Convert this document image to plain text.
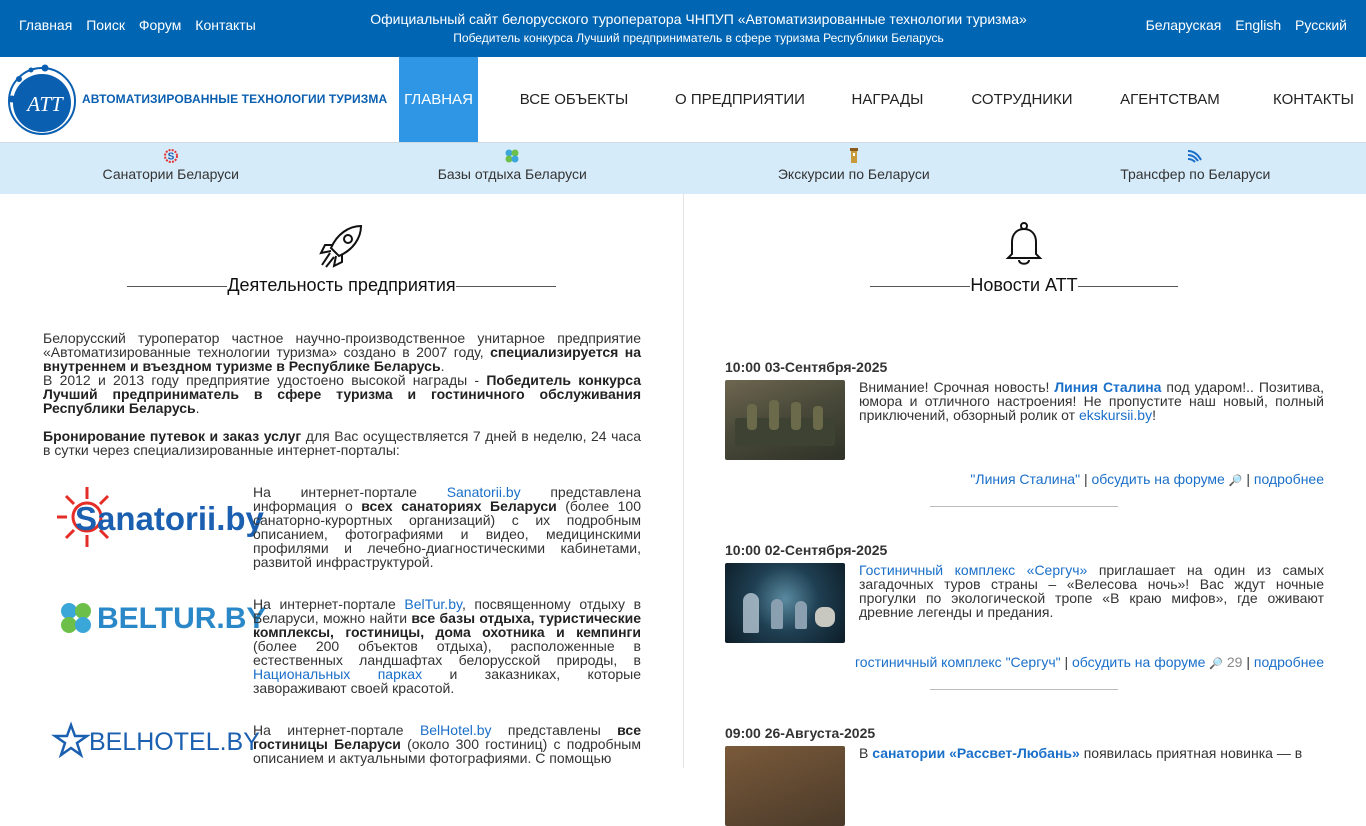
Главная Поиск Форум Контакты	Официальный сайт белорусского туроператора ЧНПУП «Автоматизированные технологии туризма»
Победитель конкурса Лучший предприниматель в сфере туризма Республики Беларусь
Беларуская English Русский
АТТ АВТОМАТИЗИРОВАННЫЕ ТЕХНОЛОГИИ ТУРИЗМА	ГЛАВНАЯ	ВСЕ ОБЪЕКТЫ	О ПРЕДПРИЯТИИ	НАГРАДЫ	СОТРУДНИКИ	АГЕНТСТВАМ	КОНТАКТЫ
S
Санатории Беларуси	Базы отдыха Беларуси	Экскурсии по Беларуси	Трансфер по Беларуси
Деятельность предприятия

Белорусский туроператор частное научно-производственное унитарное предприятие «Автоматизированные технологии туризма» создано в 2007 году, специализируется на внутреннем и въездном туризме в Республике Беларусь.

В 2012 и 2013 году предприятие удостоено высокой награды - Победитель конкурса Лучший предприниматель в сфере туризма и гостиничного обслуживания Республики Беларусь.

Бронирование путевок и заказ услуг для Вас осуществляется 7 дней в неделю, 24 часа в сутки через специализированные интернет-порталы:

Sanatorii.by
На интернет-портале Sanatorii.by представлена информация о всех санаториях Беларуси (более 100 санаторно-курортных организаций) с их подробным описанием, фотографиями и видео, медицинскими профилями и лечебно-диагностическими кабинетами, развитой инфраструктурой.
BELTUR.BY
На интернет-портале BelTur.by, посвященному отдыху в Беларуси, можно найти все базы отдыха, туристические комплексы, гостиницы, дома охотника и кемпинги (более 200 объектов отдыха), расположенные в естественных ландшафтах белорусской природы, в Национальных парках и заказниках, которые завораживают своей красотой.
BELHOTEL.BY
На интернет-портале BelHotel.by представлены все гостиницы Беларуси (около 300 гостиниц) с подробным описанием и актуальными фотографиями. С помощью
Новости АТТ
10:00 03-Сентября-2025
Внимание! Срочная новость! Линия Сталина под ударом!.. Позитива, юмора и отличного настроения! Не пропустите наш новый, полный приключений, обзорный ролик от ekskursii.by!
"Линия Сталина" | обсудить на форуме 🔎 | подробнее
10:00 02-Сентября-2025
Гостиничный комплекс «Сергуч» приглашает на один из самых загадочных туров страны – «Велесова ночь»! Вас ждут ночные прогулки по экологической тропе «В краю мифов», где оживают древние легенды и предания.
гостиничный комплекс "Сергуч" | обсудить на форуме 🔎 29 | подробнее
09:00 26-Августа-2025
В санатории «Рассвет-Любань» появилась приятная новинка — в
